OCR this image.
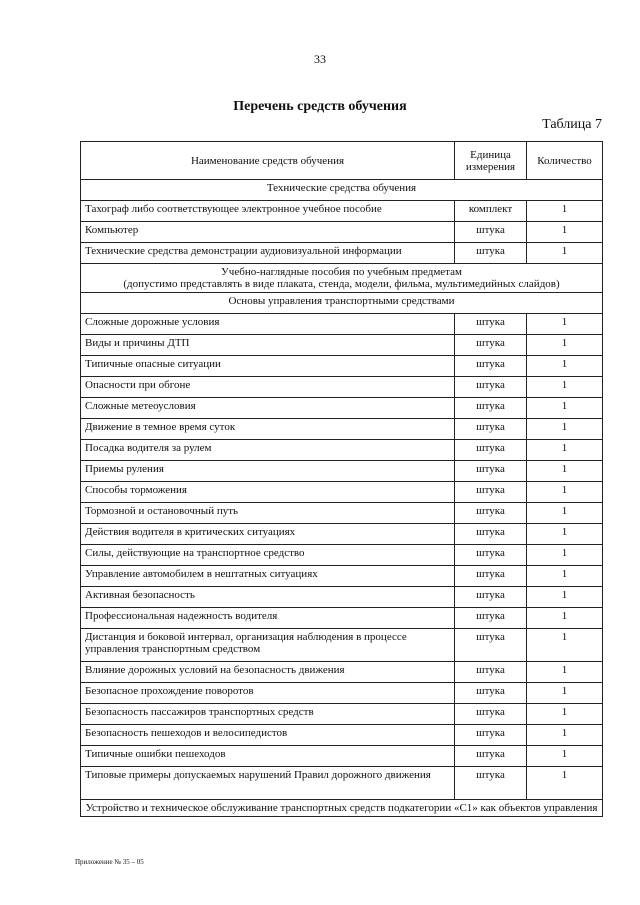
33
Перечень средств обучения
Таблица 7
Наименование средств обучения	Единица измерения	Количество
Технические средства обучения		
Тахограф либо соответствующее электронное учебное пособие	комплект	1
Компьютер	штука	1
Технические средства демонстрации аудиовизуальной информации	штука	1

Учебно-наглядные пособия по учебным предметам
(допустимо представлять в виде плаката, стенда, модели, фильма, мультимедийных слайдов)		

Основы управления транспортными средствами		

Сложные дорожные условия	штука	1
Виды и причины ДТП	штука	1
Типичные опасные ситуации	штука	1
Опасности при обгоне	штука	1
Сложные метеоусловия	штука	1
Движение в темное время суток	штука	1
Посадка водителя за рулем	штука	1
Приемы руления	штука	1
Способы торможения	штука	1
Тормозной и остановочный путь	штука	1
Действия водителя в критических ситуациях	штука	1
Силы, действующие на транспортное средство	штука	1
Управление автомобилем в нештатных ситуациях	штука	1
Активная безопасность	штука	1
Профессиональная надежность водителя	штука	1
Дистанция и боковой интервал, организация наблюдения в процессе управления транспортным средством	штука	1
Влияние дорожных условий на безопасность движения	штука	1
Безопасное прохождение поворотов	штука	1
Безопасность пассажиров транспортных средств	штука	1
Безопасность пешеходов и велосипедистов	штука	1
Типичные ошибки пешеходов	штука	1
Типовые примеры допускаемых нарушений Правил дорожного движения	штука	1

Устройство и техническое обслуживание транспортных средств подкатегории «С1» как объектов управления		
Приложение № 35 – 05
